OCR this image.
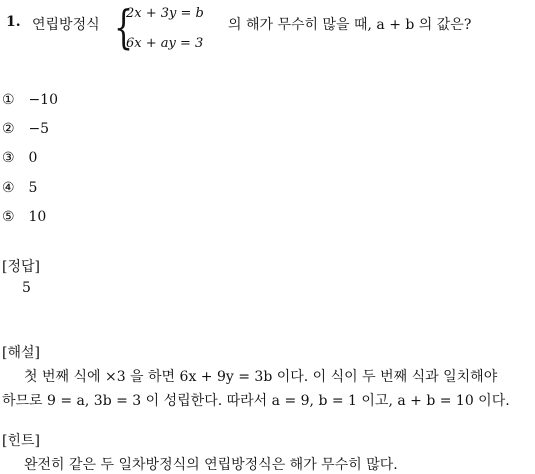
1. 연립방정식 {
2x + 3y = b
6x + ay = 3
의 해가 무수히 많을 때, a + b 의 값은?
① −10
② −5
③ 0
④ 5
⑤ 10
[정답]
5
[해설]
첫 번째 식에 ×3 을 하면 6x + 9y = 3b 이다. 이 식이 두 번째 식과 일치해야
하므로 9 = a, 3b = 3 이 성립한다. 따라서 a = 9, b = 1 이고, a + b = 10 이다.
[힌트]
완전히 같은 두 일차방정식의 연립방정식은 해가 무수히 많다.
